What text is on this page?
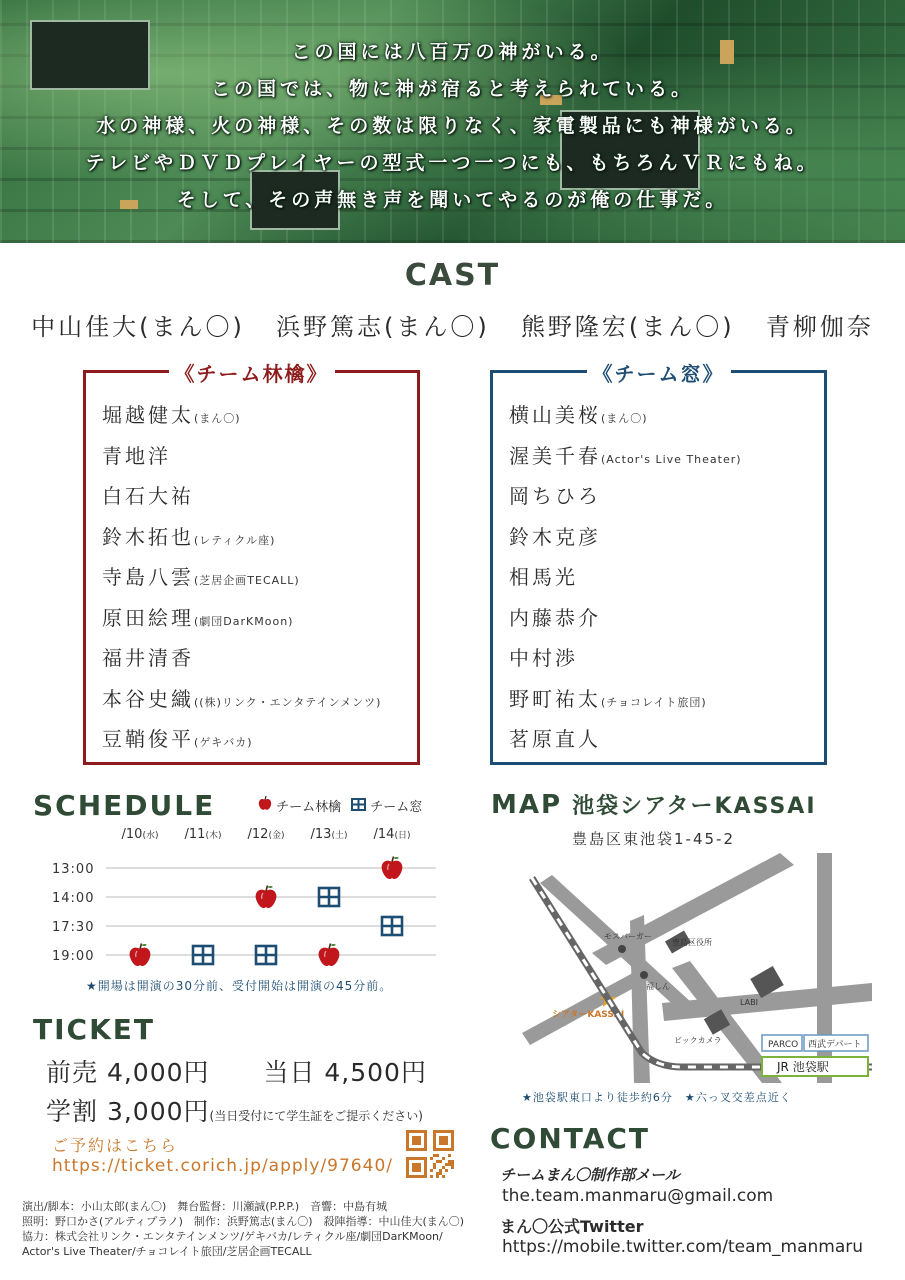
この国には八百万の神がいる。
この国では、物に神が宿ると考えられている。
水の神様、火の神様、その数は限りなく、家電製品にも神様がいる。
テレビやＤＶＤプレイヤーの型式一つ一つにも、もちろんＶＲにもね。
そして、その声無き声を聞いてやるのが俺の仕事だ。
CAST
中山佳大(まん〇) 浜野篤志(まん〇) 熊野隆宏(まん〇) 青柳伽奈
《チーム林檎》
堀越健太 (まん〇)
青地洋
白石大祐
鈴木拓也 (レティクル座)
寺島八雲 (芝居企画TECALL)
原田絵理 (劇団DarKMoon)
福井清香
本谷史織 ((株)リンク・エンタテインメンツ)
豆鞘俊平 (ゲキバカ)
《チーム窓》
横山美桜 (まん〇)
渥美千春 (Actor's Live Theater)
岡ちひろ
鈴木克彦
相馬光
内藤恭介
中村渉
野町祐太 (チョコレイト旅団)
茗原直人
SCHEDULE	チーム林檎	チーム窓
/10(水) /11(木) /12(金) /13(土) /14(日)
13:00
14:00
17:30
19:00
★開場は開演の30分前、受付開始は開演の45分前。
TICKET
前売 4,000円 当日 4,500円
学割 3,000円(当日受付にて学生証をご提示ください)
ご予約はこちら
https://ticket.corich.jp/apply/97640/
演出/脚本：小山太郎(まん〇)　舞台監督：川瀬誠(P.P.P.)　音響：中島有城
照明：野口かさ(アルティプラノ)　制作：浜野篤志(まん〇)　殺陣指導：中山佳大(まん〇)
協力：株式会社リンク・エンタテインメンツ/ゲキバカ/レティクル座/劇団DarKMoon/
Actor's Live Theater/チョコレイト旅団/芝居企画TECALL
MAP 池袋シアターKASSAI
豊島区東池袋1-45-2
モスバーガー
豊島区役所
福しん
LABI
ビックカメラ
シアターKASSAI
PARCO 西武デパート
JR 池袋駅
★池袋駅東口より徒歩約6分　★六っ叉交差点近く
CONTACT
チームまん〇制作部メール
the.team.manmaru@gmail.com
まん〇公式Twitter
https://mobile.twitter.com/team_manmaru
